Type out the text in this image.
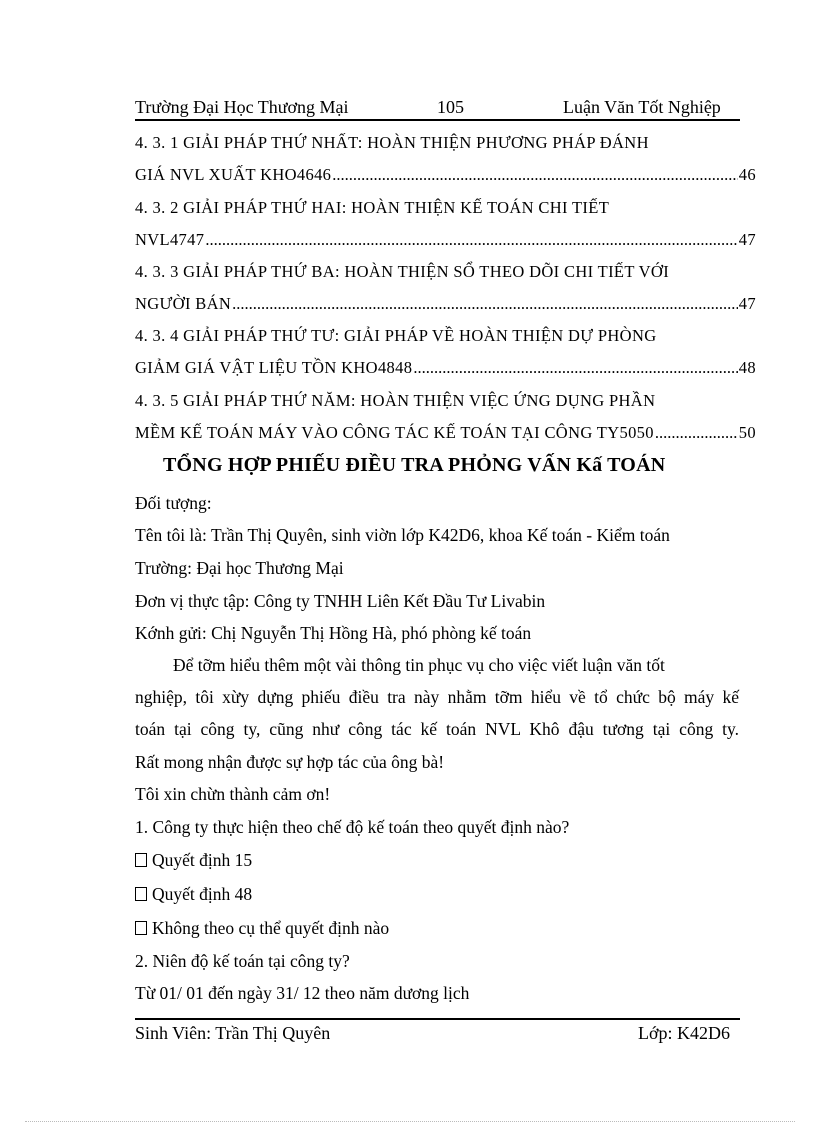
Trường Đại Học Thương Mại	105	Luận Văn Tốt Nghiệp
4. 3. 1 GIẢI PHÁP THỨ NHẤT: HOÀN THIỆN PHƯƠNG PHÁP ĐÁNH
GIÁ NVL XUẤT KHO4646 .....	46
4. 3. 2 GIẢI PHÁP THỨ HAI: HOÀN THIỆN KẾ TOÁN CHI TIẾT
NVL4747 .....	47
4. 3. 3 GIẢI PHÁP THỨ BA: HOÀN THIỆN SỔ THEO DÕI CHI TIẾT VỚI
NGƯỜI BÁN .....	47
4. 3. 4 GIẢI PHÁP THỨ TƯ: GIẢI PHÁP VỀ HOÀN THIỆN DỰ PHÒNG
GIẢM GIÁ VẬT LIỆU TỒN KHO4848 .....	48
4. 3. 5 GIẢI PHÁP THỨ NĂM: HOÀN THIỆN VIỆC ỨNG DỤNG PHẦN
MỀM KẾ TOÁN MÁY VÀO CÔNG TÁC KẾ TOÁN TẠI CÔNG TY5050 .....	50
TỔNG HỢP PHIẾU ĐIỀU TRA PHỎNG VẤN Kấ TOÁN
Đối tượng:
Tên tôi là: Trần Thị Quyên, sinh viờn lớp K42D6, khoa Kế toán - Kiểm toán
Trường: Đại học Thương Mại
Đơn vị thực tập: Công ty TNHH Liên Kết Đầu Tư Livabin
Kớnh gửi: Chị Nguyễn Thị Hồng Hà, phó phòng kế toán
Để tỡm hiểu thêm một vài thông tin phục vụ cho việc viết luận văn tốt
nghiệp, tôi xừy dựng phiếu điều tra này nhằm tỡm hiểu về tổ chức bộ máy kế
toán tại công ty, cũng như công tác kế toán NVL Khô đậu tương tại công ty.
Rất mong nhận được sự hợp tác của ông bà!
Tôi xin chừn thành cảm ơn!
1. Công ty thực hiện theo chế độ kế toán theo quyết định nào?
Quyết định 15
Quyết định 48
Không theo cụ thể quyết định nào
2. Niên độ kế toán tại công ty?
Từ 01/ 01 đến ngày 31/ 12 theo năm dương lịch
Sinh Viên: Trần Thị Quyên	Lớp: K42D6
